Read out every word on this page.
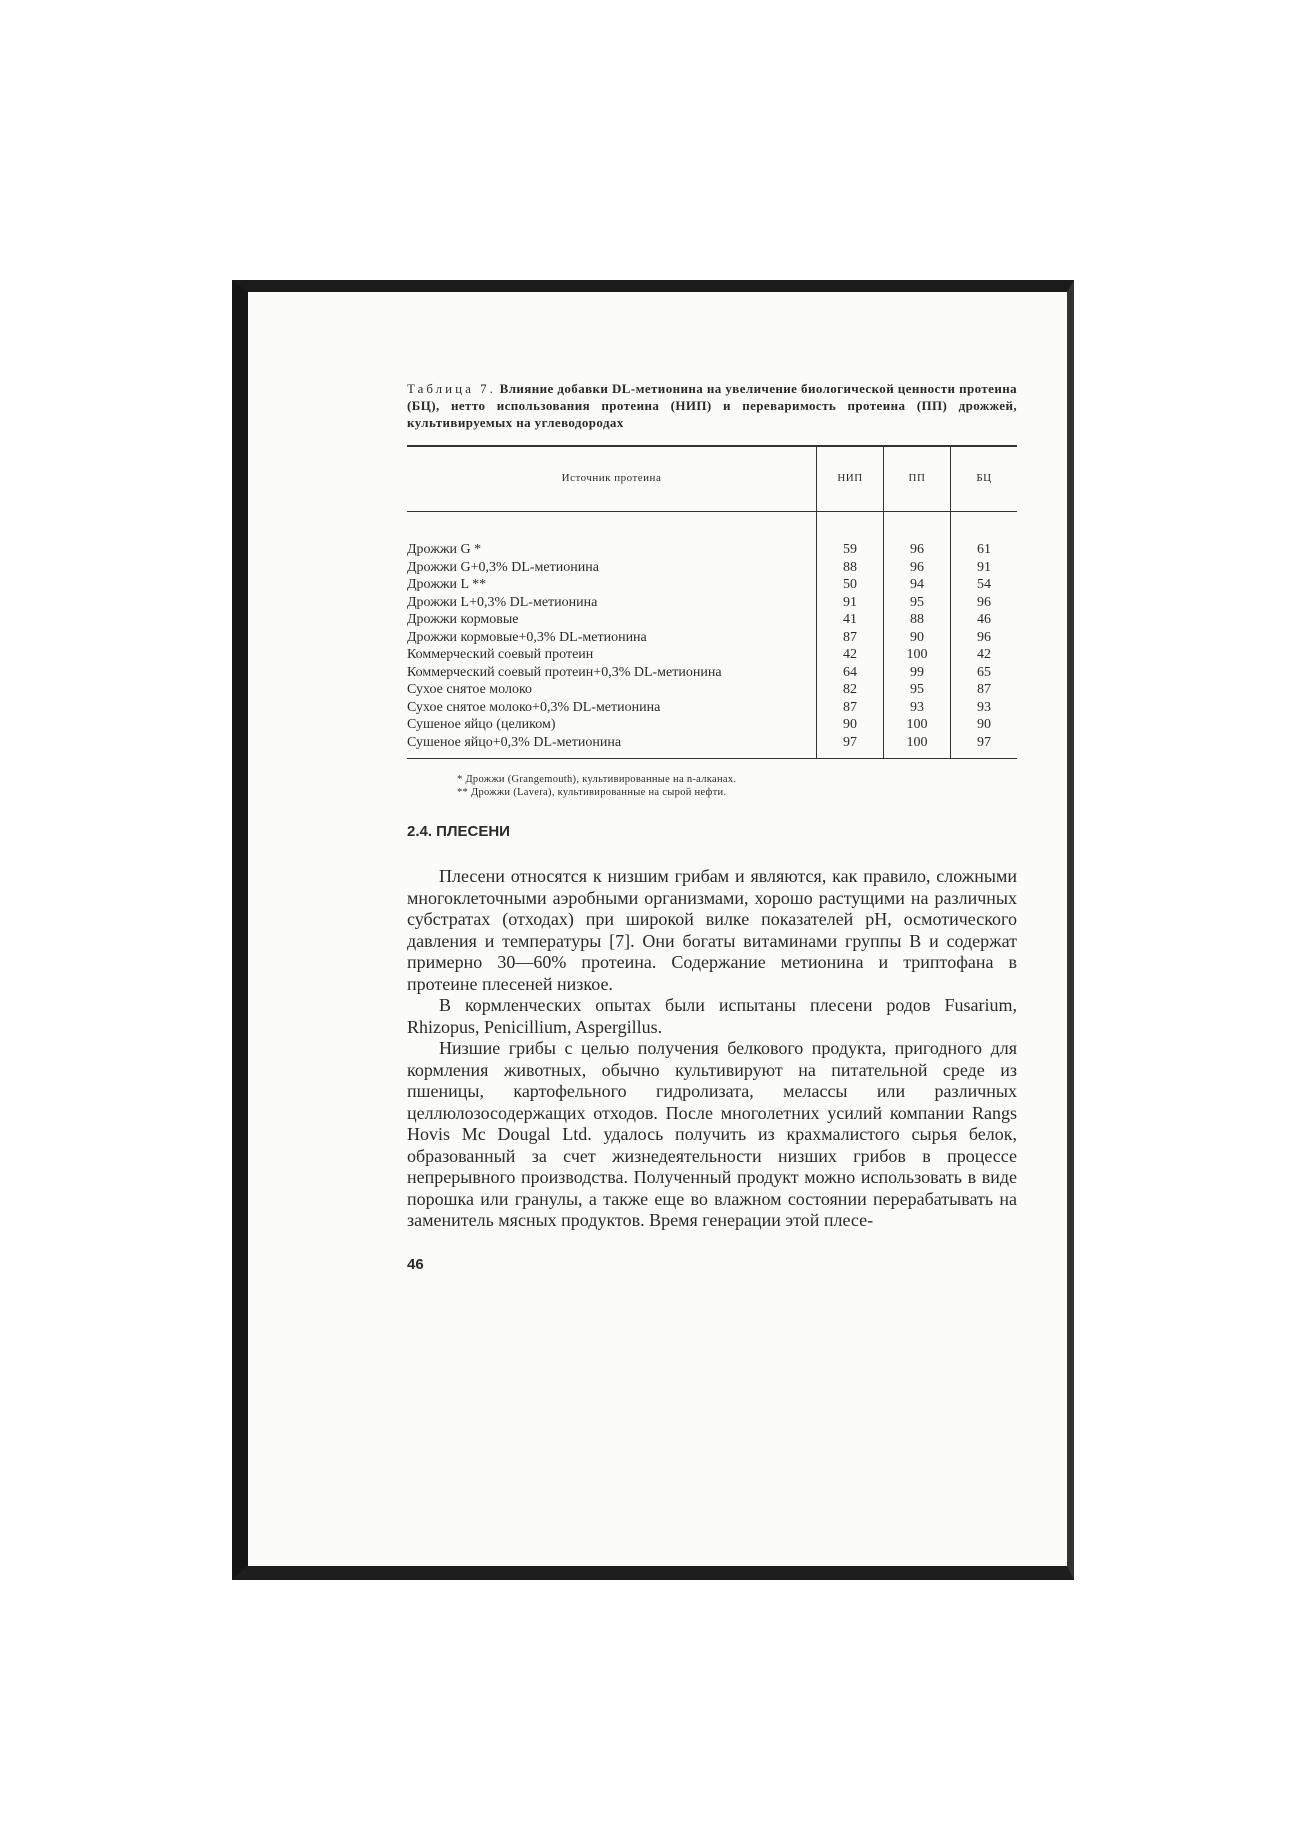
Таблица 7. Влияние добавки DL-метионина на увеличение биологической ценности протеина (БЦ), нетто использования протеина (НИП) и переваримость протеина (ПП) дрожжей, культивируемых на углеводородах

Источник протеина	НИП	ПП	БЦ
Дрожжи G *	59	96	61
Дрожжи G+0,3% DL-метионина	88	96	91
Дрожжи L **	50	94	54
Дрожжи L+0,3% DL-метионина	91	95	96
Дрожжи кормовые	41	88	46
Дрожжи кормовые+0,3% DL-метионина	87	90	96
Коммерческий соевый протеин	42	100	42
Коммерческий соевый протеин+0,3% DL-метионина	64	99	65
Сухое снятое молоко	82	95	87
Сухое снятое молоко+0,3% DL-метионина	87	93	93
Сушеное яйцо (целиком)	90	100	90
Сушеное яйцо+0,3% DL-метионина	97	100	97
* Дрожжи (Grangemouth), культивированные на n-алканах.
** Дрожжи (Lavera), культивированные на сырой нефти.
2.4. ПЛЕСЕНИ

Плесени относятся к низшим грибам и являются, как правило, сложными многоклеточными аэробными организмами, хорошо растущими на различных субстратах (отходах) при широкой вилке показателей pH, осмотического давления и температуры [7]. Они богаты витаминами группы B и содержат примерно 30—60% протеина. Содержание метионина и триптофана в протеине плесеней низкое.

В кормленческих опытах были испытаны плесени родов Fusarium, Rhizopus, Penicillium, Aspergillus.

Низшие грибы с целью получения белкового продукта, пригодного для кормления животных, обычно культивируют на питательной среде из пшеницы, картофельного гидролизата, мелассы или различных целлюлозосодержащих отходов. После многолетних усилий компании Rangs Hovis Mc Dougal Ltd. удалось получить из крахмалистого сырья белок, образованный за счет жизнедеятельности низших грибов в процессе непрерывного производства. Полученный продукт можно использовать в виде порошка или гранулы, а также еще во влажном состоянии перерабатывать на заменитель мясных продуктов. Время генерации этой плесе-

46
